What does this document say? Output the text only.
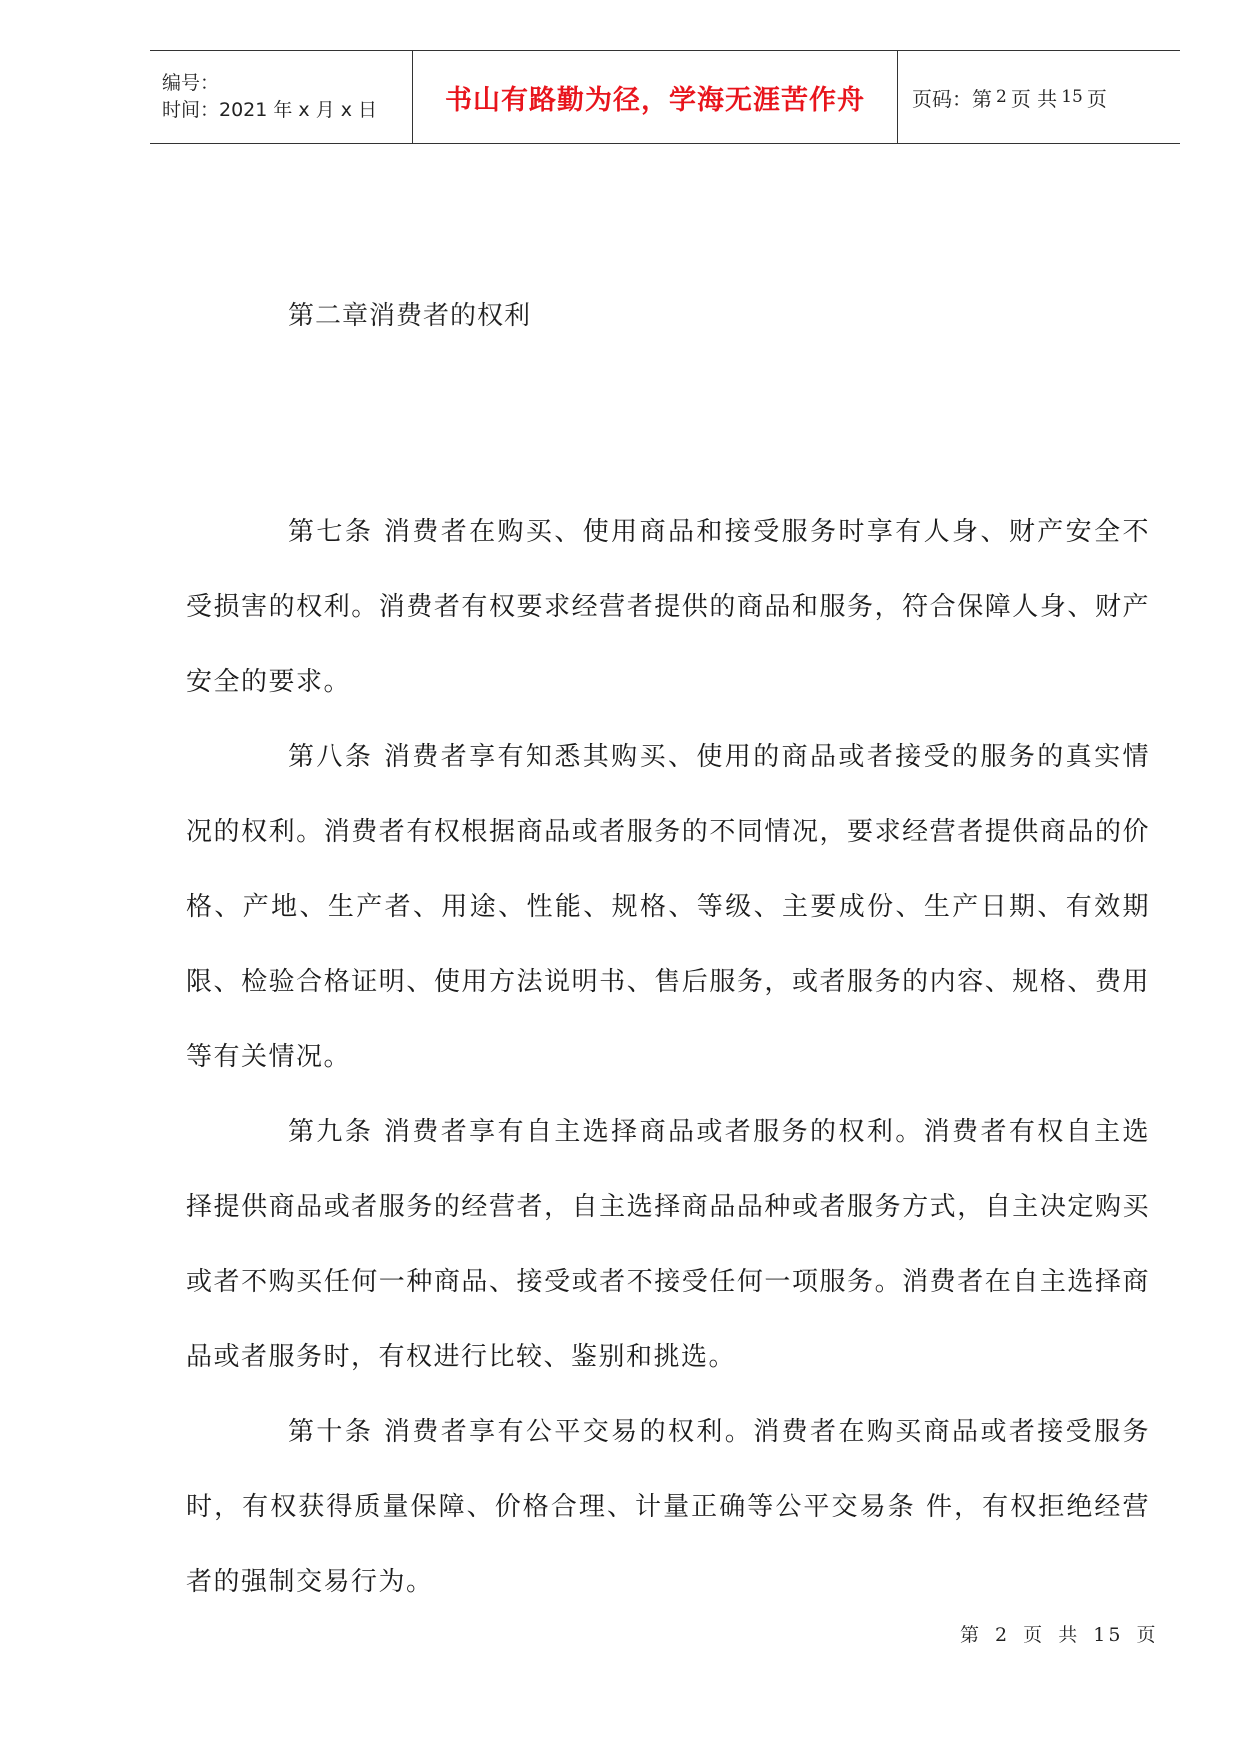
编号：
时间：2021 年 x 月 x 日	书山有路勤为径，学海无涯苦作舟 页码：第 2 页 共 15 页
第二章消费者的权利

第七条 消费者在购买、使用商品和接受服务时享有人身、财产安全不受损害的权利。消费者有权要求经营者提供的商品和服务，符合保障人身、财产安全的要求。

第八条 消费者享有知悉其购买、使用的商品或者接受的服务的真实情况的权利。消费者有权根据商品或者服务的不同情况，要求经营者提供商品的价格、产地、生产者、用途、性能、规格、等级、主要成份、生产日期、有效期限、检验合格证明、使用方法说明书、售后服务，或者服务的内容、规格、费用等有关情况。

第九条 消费者享有自主选择商品或者服务的权利。消费者有权自主选择提供商品或者服务的经营者，自主选择商品品种或者服务方式，自主决定购买或者不购买任何一种商品、接受或者不接受任何一项服务。消费者在自主选择商品或者服务时，有权进行比较、鉴别和挑选。

第十条 消费者享有公平交易的权利。消费者在购买商品或者接受服务时，有权获得质量保障、价格合理、计量正确等公平交易条 件，有权拒绝经营者的强制交易行为。

第 2 页 共 15 页
